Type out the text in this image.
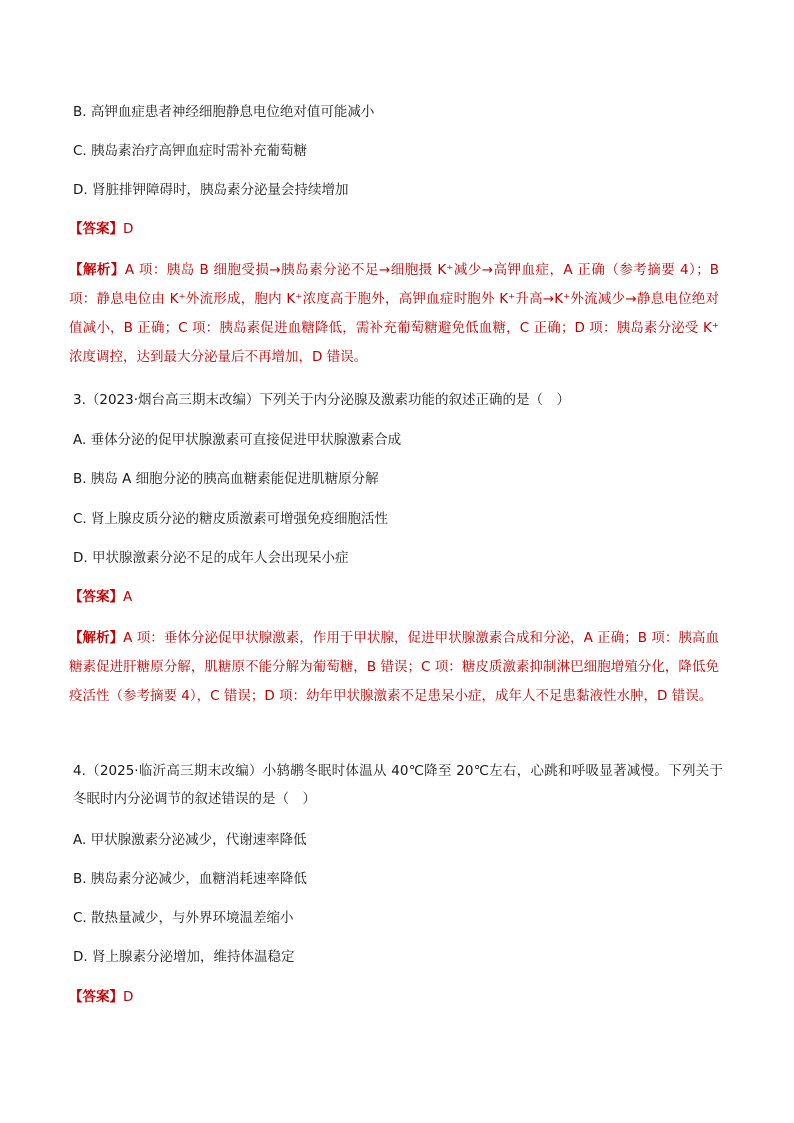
B. 高钾血症患者神经细胞静息电位绝对值可能减小
C. 胰岛素治疗高钾血症时需补充葡萄糖
D. 肾脏排钾障碍时，胰岛素分泌量会持续增加
【答案】D
【解析】A 项：胰岛 B 细胞受损→胰岛素分泌不足→细胞摄 K⁺减少→高钾血症，A 正确（参考摘要 4）；B 项：静息电位由 K⁺外流形成，胞内 K⁺浓度高于胞外，高钾血症时胞外 K⁺升高→K⁺外流减少→静息电位绝对值减小，B 正确；C 项：胰岛素促进血糖降低，需补充葡萄糖避免低血糖，C 正确；D 项：胰岛素分泌受 K⁺浓度调控，达到最大分泌量后不再增加，D 错误。
3.（2023·烟台高三期末改编）下列关于内分泌腺及激素功能的叙述正确的是（　）
A. 垂体分泌的促甲状腺激素可直接促进甲状腺激素合成
B. 胰岛 A 细胞分泌的胰高血糖素能促进肌糖原分解
C. 肾上腺皮质分泌的糖皮质激素可增强免疫细胞活性
D. 甲状腺激素分泌不足的成年人会出现呆小症
【答案】A
【解析】A 项：垂体分泌促甲状腺激素，作用于甲状腺，促进甲状腺激素合成和分泌，A 正确；B 项：胰高血糖素促进肝糖原分解，肌糖原不能分解为葡萄糖，B 错误；C 项：糖皮质激素抑制淋巴细胞增殖分化，降低免疫活性（参考摘要 4），C 错误；D 项：幼年甲状腺激素不足患呆小症，成年人不足患黏液性水肿，D 错误。
4.（2025·临沂高三期末改编）小鸫鹕冬眠时体温从 40℃降至 20℃左右，心跳和呼吸显著减慢。下列关于冬眠时内分泌调节的叙述错误的是（　）
A. 甲状腺激素分泌减少，代谢速率降低
B. 胰岛素分泌减少，血糖消耗速率降低
C. 散热量减少，与外界环境温差缩小
D. 肾上腺素分泌增加，维持体温稳定
【答案】D
